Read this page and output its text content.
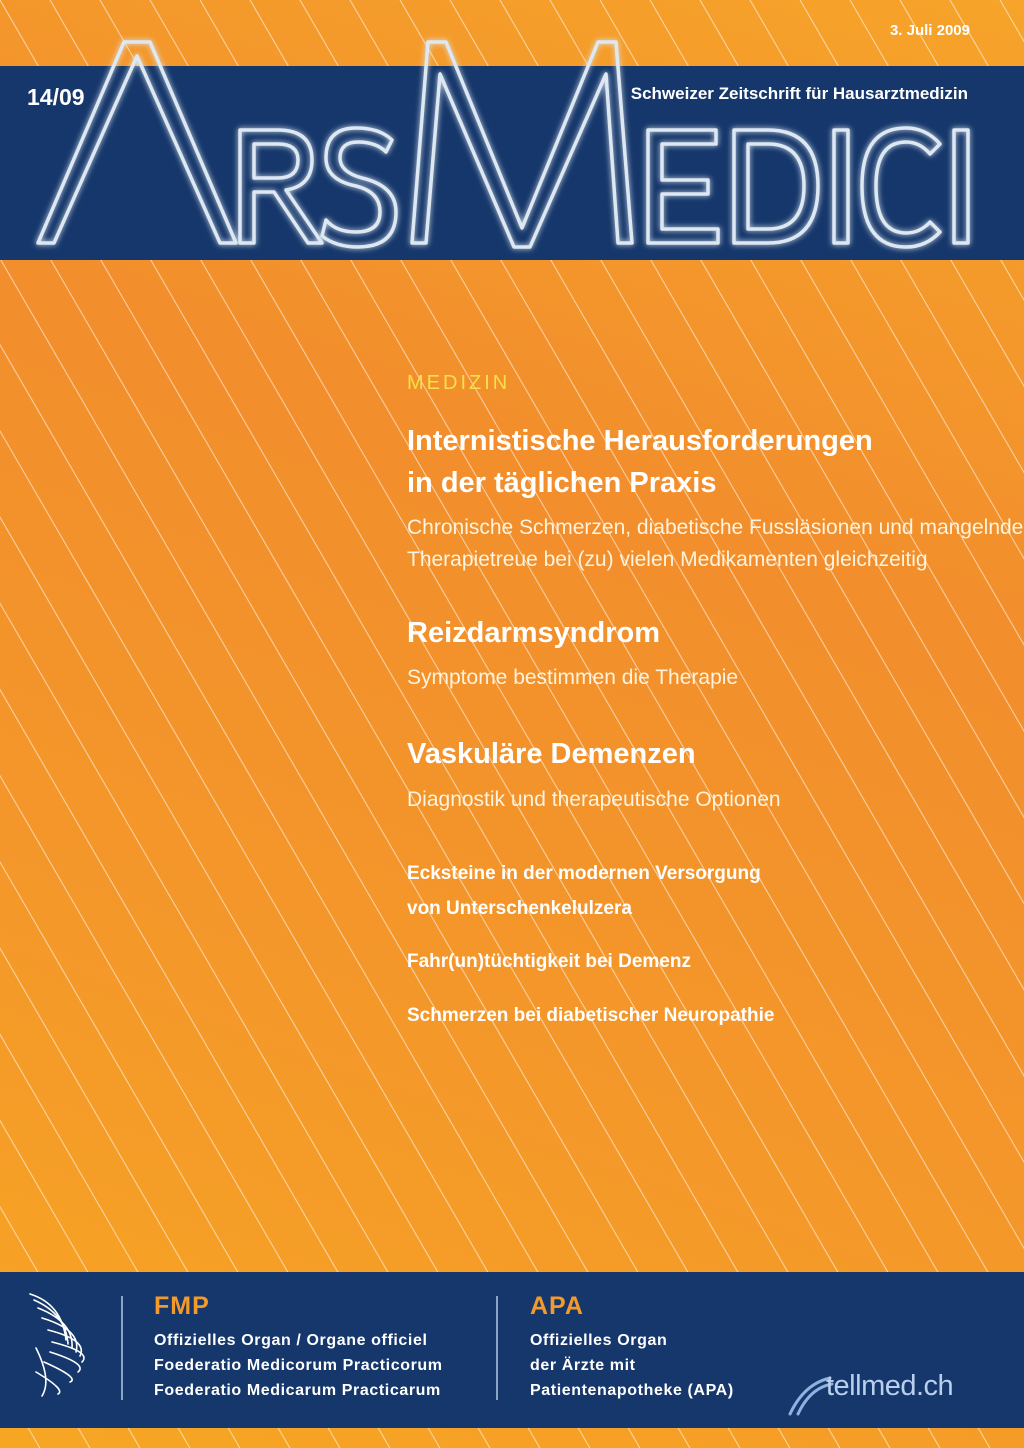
3. Juli 2009
14/09	Schweizer Zeitschrift für Hausarztmedizin
MEDIZIN
Internistische Herausforderungen
in der täglichen Praxis
Chronische Schmerzen, diabetische Fussläsionen und mangelnde
Therapietreue bei (zu) vielen Medikamenten gleichzeitig
Reizdarmsyndrom
Symptome bestimmen die Therapie
Vaskuläre Demenzen
Diagnostik und therapeutische Optionen
Ecksteine in der modernen Versorgung
von Unterschenkelulzera
Fahr(un)tüchtigkeit bei Demenz
Schmerzen bei diabetischer Neuropathie
FMP
Offizielles Organ / Organe officiel
Foederatio Medicorum Practicorum
Foederatio Medicarum Practicarum
APA
Offizielles Organ
der Ärzte mit
Patientenapotheke (APA)	tellmed.ch
